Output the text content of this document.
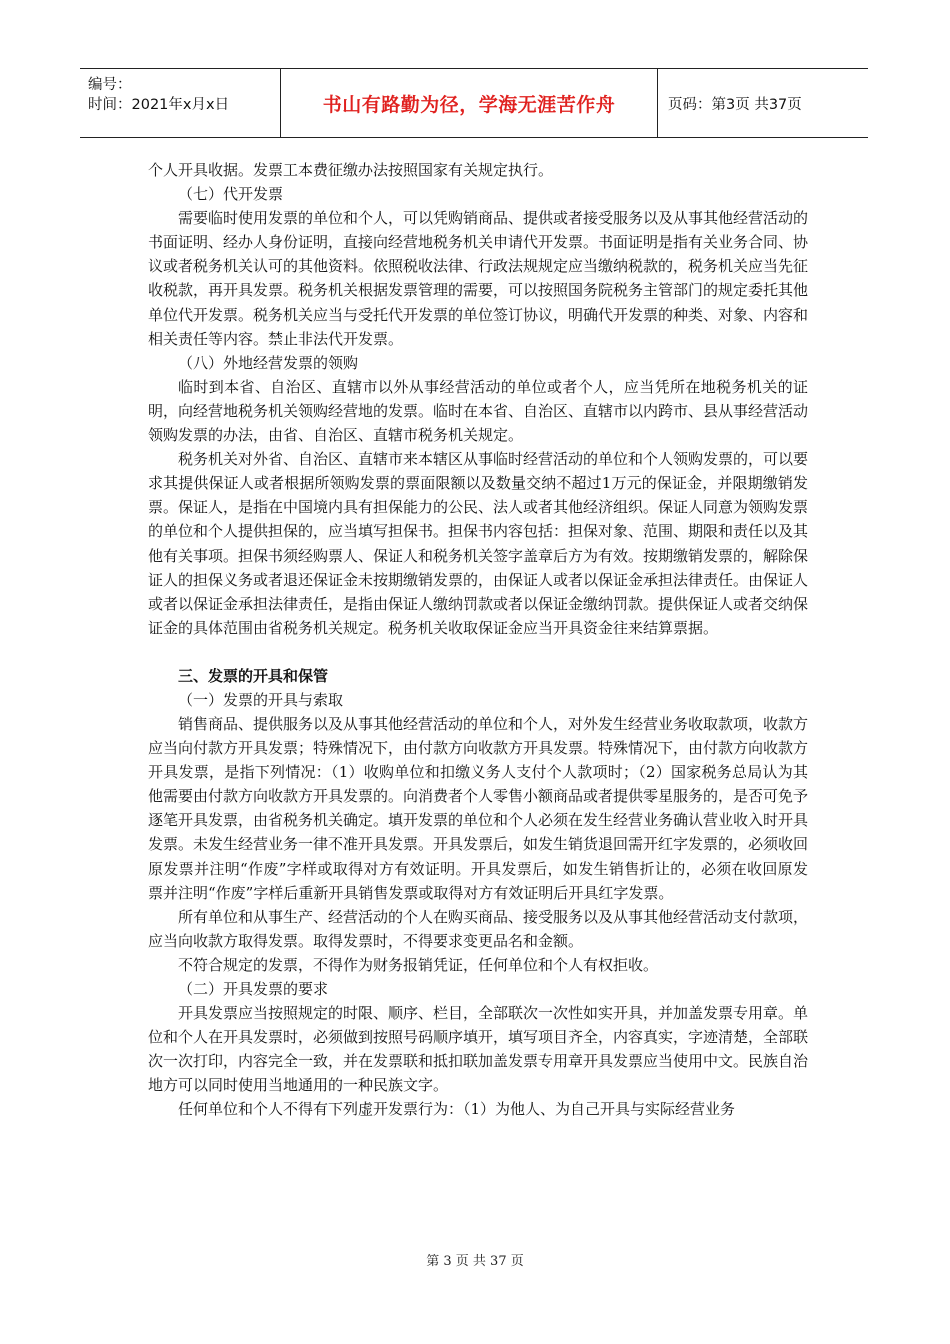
编号：
时间：2021年x月x日	书山有路勤为径，学海无涯苦作舟	页码：第3页 共37页

个人开具收据。发票工本费征缴办法按照国家有关规定执行。

（七）代开发票

需要临时使用发票的单位和个人，可以凭购销商品、提供或者接受服务以及从事其他经营活动的书面证明、经办人身份证明，直接向经营地税务机关申请代开发票。书面证明是指有关业务合同、协议或者税务机关认可的其他资料。依照税收法律、行政法规规定应当缴纳税款的，税务机关应当先征收税款，再开具发票。税务机关根据发票管理的需要，可以按照国务院税务主管部门的规定委托其他单位代开发票。税务机关应当与受托代开发票的单位签订协议，明确代开发票的种类、对象、内容和相关责任等内容。禁止非法代开发票。

（八）外地经营发票的领购

临时到本省、自治区、直辖市以外从事经营活动的单位或者个人，应当凭所在地税务机关的证明，向经营地税务机关领购经营地的发票。临时在本省、自治区、直辖市以内跨市、县从事经营活动领购发票的办法，由省、自治区、直辖市税务机关规定。

税务机关对外省、自治区、直辖市来本辖区从事临时经营活动的单位和个人领购发票的，可以要求其提供保证人或者根据所领购发票的票面限额以及数量交纳不超过1万元的保证金，并限期缴销发票。保证人，是指在中国境内具有担保能力的公民、法人或者其他经济组织。保证人同意为领购发票的单位和个人提供担保的，应当填写担保书。担保书内容包括：担保对象、范围、期限和责任以及其他有关事项。担保书须经购票人、保证人和税务机关签字盖章后方为有效。按期缴销发票的，解除保证人的担保义务或者退还保证金未按期缴销发票的，由保证人或者以保证金承担法律责任。由保证人或者以保证金承担法律责任，是指由保证人缴纳罚款或者以保证金缴纳罚款。提供保证人或者交纳保证金的具体范围由省税务机关规定。税务机关收取保证金应当开具资金往来结算票据。

三、发票的开具和保管

（一）发票的开具与索取

销售商品、提供服务以及从事其他经营活动的单位和个人，对外发生经营业务收取款项，收款方应当向付款方开具发票；特殊情况下，由付款方向收款方开具发票。特殊情况下，由付款方向收款方开具发票，是指下列情况：（1）收购单位和扣缴义务人支付个人款项时；（2）国家税务总局认为其他需要由付款方向收款方开具发票的。向消费者个人零售小额商品或者提供零星服务的，是否可免予逐笔开具发票，由省税务机关确定。填开发票的单位和个人必须在发生经营业务确认营业收入时开具发票。未发生经营业务一律不准开具发票。开具发票后，如发生销货退回需开红字发票的，必须收回原发票并注明“作废”字样或取得对方有效证明。开具发票后，如发生销售折让的，必须在收回原发票并注明“作废”字样后重新开具销售发票或取得对方有效证明后开具红字发票。

所有单位和从事生产、经营活动的个人在购买商品、接受服务以及从事其他经营活动支付款项，应当向收款方取得发票。取得发票时，不得要求变更品名和金额。

不符合规定的发票，不得作为财务报销凭证，任何单位和个人有权拒收。

（二）开具发票的要求

开具发票应当按照规定的时限、顺序、栏目，全部联次一次性如实开具，并加盖发票专用章。单位和个人在开具发票时，必须做到按照号码顺序填开，填写项目齐全，内容真实，字迹清楚，全部联次一次打印，内容完全一致，并在发票联和抵扣联加盖发票专用章开具发票应当使用中文。民族自治地方可以同时使用当地通用的一种民族文字。

任何单位和个人不得有下列虚开发票行为：（1）为他人、为自己开具与实际经营业务

第 3 页 共 37 页
